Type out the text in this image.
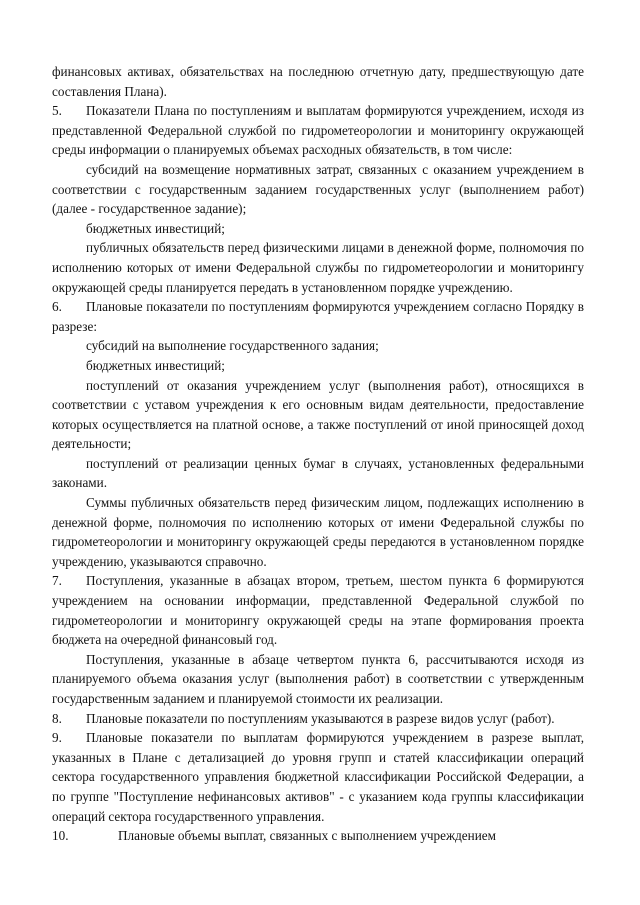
финансовых активах, обязательствах на последнюю отчетную дату, предшествующую дате составления Плана).

5. Показатели Плана по поступлениям и выплатам формируются учреждением, исходя из представленной Федеральной службой по гидрометеорологии и мониторингу окружающей среды информации о планируемых объемах расходных обязательств, в том числе:

субсидий на возмещение нормативных затрат, связанных с оказанием учреждением в соответствии с государственным заданием государственных услуг (выполнением работ) (далее - государственное задание);

бюджетных инвестиций;

публичных обязательств перед физическими лицами в денежной форме, полномочия по исполнению которых от имени Федеральной службы по гидрометеорологии и мониторингу окружающей среды планируется передать в установленном порядке учреждению.

6. Плановые показатели по поступлениям формируются учреждением согласно Порядку в разрезе:

субсидий на выполнение государственного задания;

бюджетных инвестиций;

поступлений от оказания учреждением услуг (выполнения работ), относящихся в соответствии с уставом учреждения к его основным видам деятельности, предоставление которых осуществляется на платной основе, а также поступлений от иной приносящей доход деятельности;

поступлений от реализации ценных бумаг в случаях, установленных федеральными законами.

Суммы публичных обязательств перед физическим лицом, подлежащих исполнению в денежной форме, полномочия по исполнению которых от имени Федеральной службы по гидрометеорологии и мониторингу окружающей среды передаются в установленном порядке учреждению, указываются справочно.

7. Поступления, указанные в абзацах втором, третьем, шестом пункта 6 формируются учреждением на основании информации, представленной Федеральной службой по гидрометеорологии и мониторингу окружающей среды на этапе формирования проекта бюджета на очередной финансовый год.

Поступления, указанные в абзаце четвертом пункта 6, рассчитываются исходя из планируемого объема оказания услуг (выполнения работ) в соответствии с утвержденным государственным заданием и планируемой стоимости их реализации.

8. Плановые показатели по поступлениям указываются в разрезе видов услуг (работ).

9. Плановые показатели по выплатам формируются учреждением в разрезе выплат, указанных в Плане с детализацией до уровня групп и статей классификации операций сектора государственного управления бюджетной классификации Российской Федерации, а по группе "Поступление нефинансовых активов" - с указанием кода группы классификации операций сектора государственного управления.

10.	Плановые объемы выплат, связанных с выполнением учреждением
